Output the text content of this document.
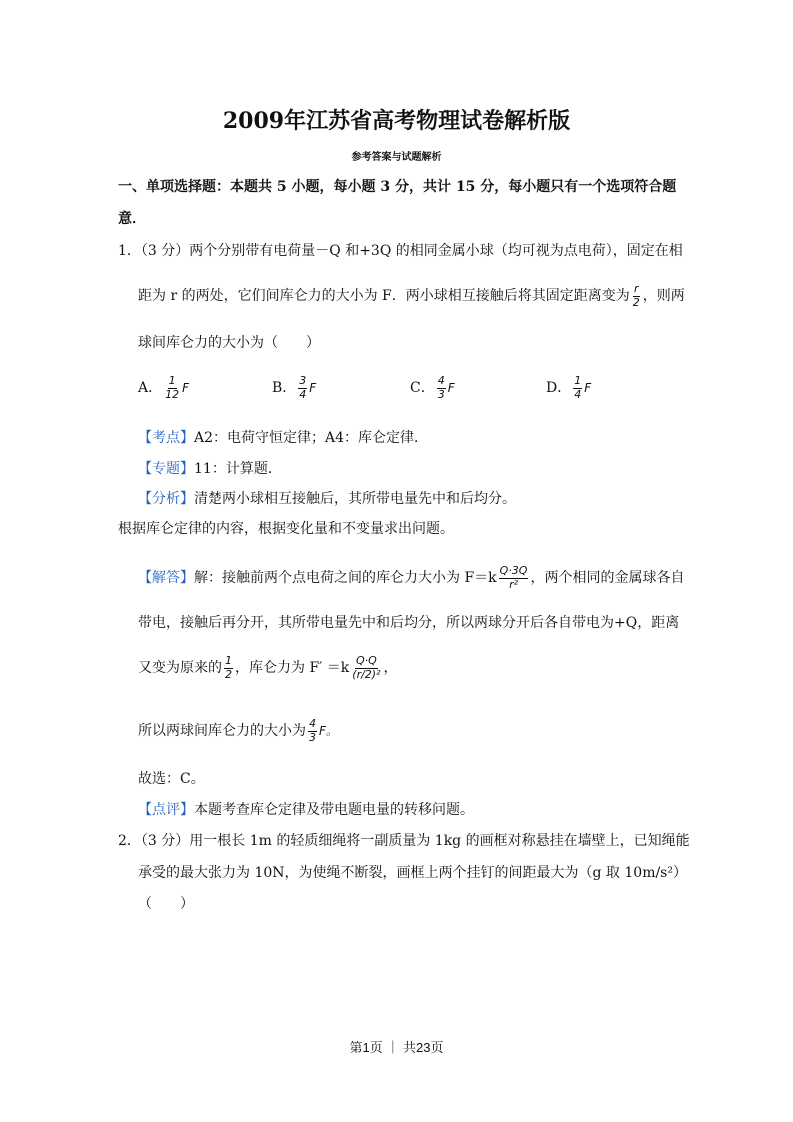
2009年江苏省高考物理试卷解析版
参考答案与试题解析
一、单项选择题：本题共 5 小题，每小题 3 分，共计 15 分，每小题只有一个选项符合题
意．
1．（3 分）两个分别带有电荷量－Q 和+3Q 的相同金属小球（均可视为点电荷），固定在相
距为 r 的两处，它们间库仑力的大小为 F．两小球相互接触后将其固定距离变为 $\frac{r}{2}$ ，则两
球间库仑力的大小为（　　）
A． $\frac{1}{12}$ F	B． $\frac{3}{4}$ F	C． $\frac{4}{3}$ F	D． $\frac{1}{4}$ F
【考点】A2：电荷守恒定律；A4：库仑定律．
【专题】11：计算题．
【分析】清楚两小球相互接触后，其所带电量先中和后均分。
根据库仑定律的内容，根据变化量和不变量求出问题。
【解答】解：接触前两个点电荷之间的库仑力大小为 $F=k \frac{Q\cdot 3Q}{\text{r²}}$ ，两个相同的金属球各自
带电，接触后再分开，其所带电量先中和后均分，所以两球分开后各自带电为+Q，距离
又变为原来的 $\frac{1}{2}$ ，库仑力为 $F' =k \frac{Q\cdot Q}{\text{(r/2)²}}$ ，
所以两球间库仑力的大小为 $\frac{4}{3}$ F。
故选：C。
【点评】本题考查库仑定律及带电题电量的转移问题。
2．（3 分）用一根长 1m 的轻质细绳将一副质量为 1kg 的画框对称悬挂在墙壁上，已知绳能
承受的最大张力为 10N，为使绳不断裂，画框上两个挂钉的间距最大为（g 取 10m/s²）
（　　）
第1页 ｜ 共23页
